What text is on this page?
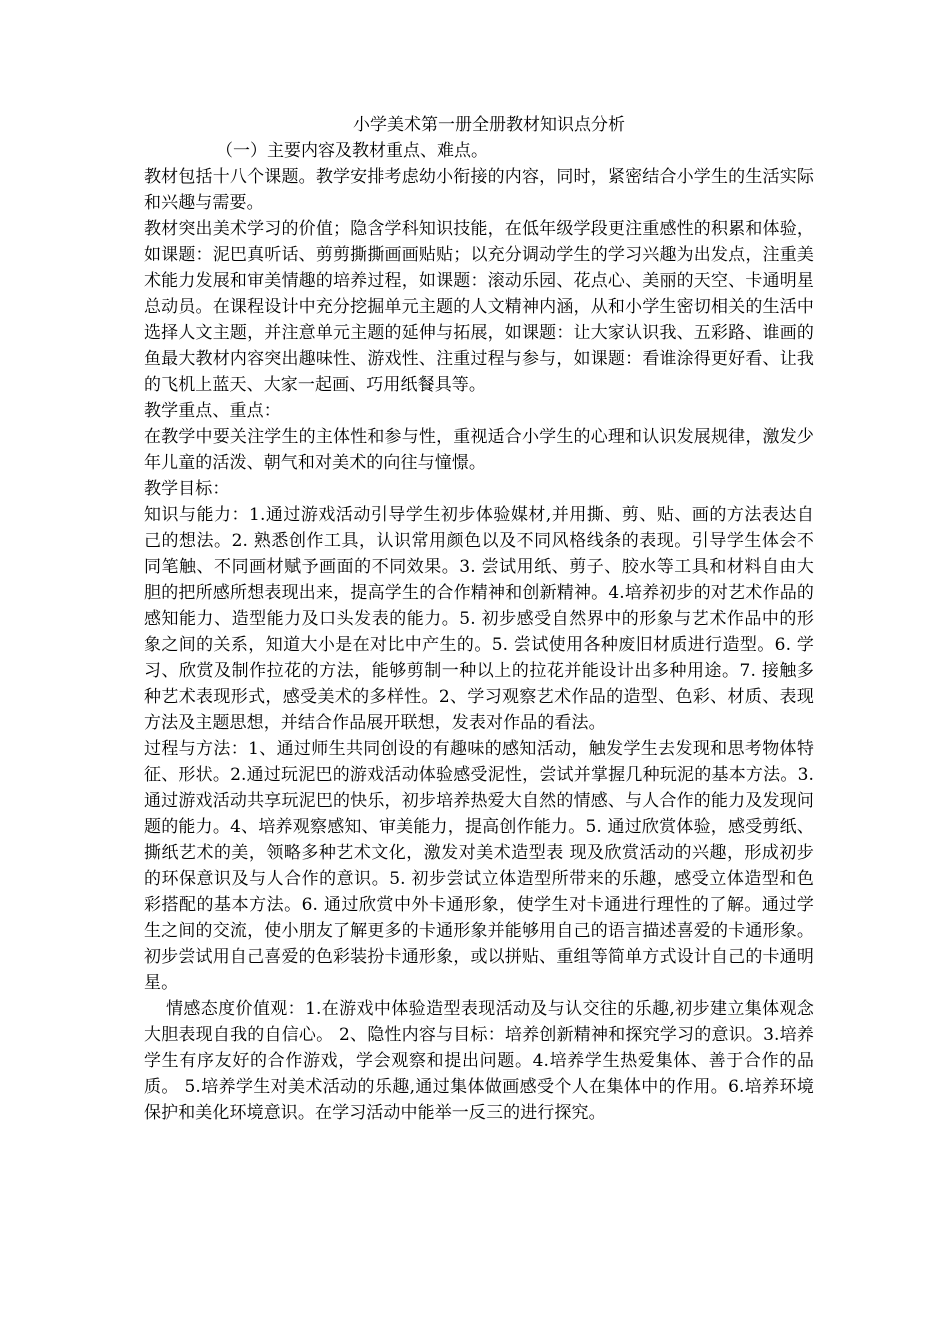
小学美术第一册全册教材知识点分析

（一）主要内容及教材重点、难点。

教材包括十八个课题。教学安排考虑幼小衔接的内容，同时，紧密结合小学生的生活实际和兴趣与需要。

教材突出美术学习的价值；隐含学科知识技能，在低年级学段更注重感性的积累和体验，如课题：泥巴真听话、剪剪撕撕画画贴贴；以充分调动学生的学习兴趣为出发点，注重美术能力发展和审美情趣的培养过程，如课题：滚动乐园、花点心、美丽的天空、卡通明星总动员。在课程设计中充分挖掘单元主题的人文精神内涵，从和小学生密切相关的生活中选择人文主题，并注意单元主题的延伸与拓展，如课题：让大家认识我、五彩路、谁画的鱼最大教材内容突出趣味性、游戏性、注重过程与参与，如课题：看谁涂得更好看、让我的飞机上蓝天、大家一起画、巧用纸餐具等。

教学重点、重点：

在教学中要关注学生的主体性和参与性，重视适合小学生的心理和认识发展规律，激发少年儿童的活泼、朝气和对美术的向往与憧憬。

教学目标：

知识与能力：1.通过游戏活动引导学生初步体验媒材,并用撕、剪、贴、画的方法表达自己的想法。2. 熟悉创作工具，认识常用颜色以及不同风格线条的表现。引导学生体会不同笔触、不同画材赋予画面的不同效果。3. 尝试用纸、剪子、胶水等工具和材料自由大胆的把所感所想表现出来，提高学生的合作精神和创新精神。4.培养初步的对艺术作品的感知能力、造型能力及口头发表的能力。5. 初步感受自然界中的形象与艺术作品中的形象之间的关系，知道大小是在对比中产生的。5. 尝试使用各种废旧材质进行造型。6. 学习、欣赏及制作拉花的方法，能够剪制一种以上的拉花并能设计出多种用途。7. 接触多种艺术表现形式，感受美术的多样性。2、学习观察艺术作品的造型、色彩、材质、表现方法及主题思想，并结合作品展开联想，发表对作品的看法。

过程与方法：1、通过师生共同创设的有趣味的感知活动，触发学生去发现和思考物体特征、形状。2.通过玩泥巴的游戏活动体验感受泥性，尝试并掌握几种玩泥的基本方法。3.通过游戏活动共享玩泥巴的快乐，初步培养热爱大自然的情感、与人合作的能力及发现问题的能力。4、培养观察感知、审美能力，提高创作能力。5. 通过欣赏体验，感受剪纸、撕纸艺术的美，领略多种艺术文化，激发对美术造型表 现及欣赏活动的兴趣，形成初步的环保意识及与人合作的意识。5. 初步尝试立体造型所带来的乐趣，感受立体造型和色彩搭配的基本方法。6. 通过欣赏中外卡通形象，使学生对卡通进行理性的了解。通过学生之间的交流，使小朋友了解更多的卡通形象并能够用自己的语言描述喜爱的卡通形象。初步尝试用自己喜爱的色彩装扮卡通形象，或以拼贴、重组等简单方式设计自己的卡通明星。

情感态度价值观：1.在游戏中体验造型表现活动及与认交往的乐趣,初步建立集体观念大胆表现自我的自信心。 2、隐性内容与目标：培养创新精神和探究学习的意识。3.培养学生有序友好的合作游戏，学会观察和提出问题。4.培养学生热爱集体、善于合作的品质。 5.培养学生对美术活动的乐趣,通过集体做画感受个人在集体中的作用。6.培养环境保护和美化环境意识。在学习活动中能举一反三的进行探究。
